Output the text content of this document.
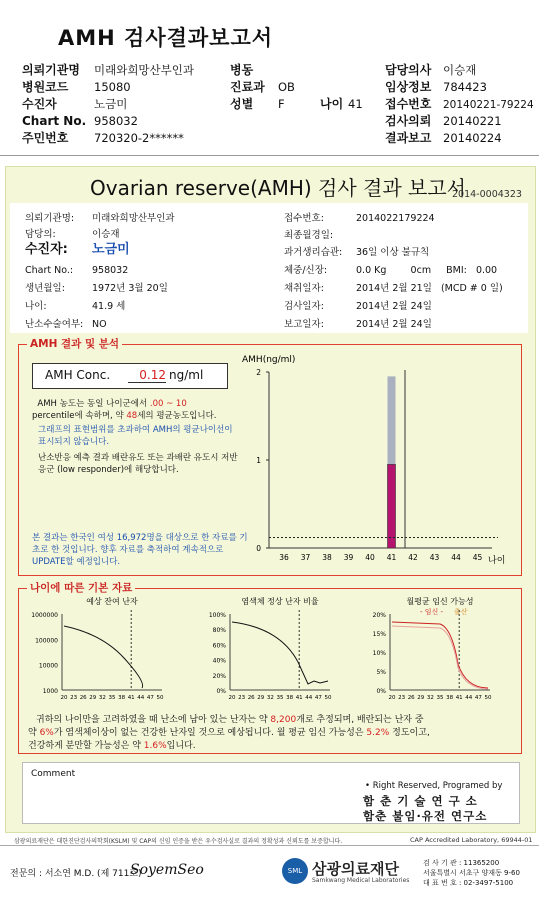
AMH 검사결과보고서
의뢰기관명 미래와희망산부인과
병원코드 15080
수진자	노금미
Chart No. 958032
주민번호 720320-2******
병동
진료과 OB
성별 F	나이 41
담당의사 이승재
임상정보 784423
접수번호 20140221-79224
검사의뢰 20140221
결과보고 20140224
Ovarian reserve(AMH) 검사 결과 보고서
2014-0004323
의뢰기관명: 미래와희망산부인과
담당의:	이승재
수진자: 노금미
Chart No.: 958032
생년월일:	1972년 3월 20일
나이:	41.9 세
난소수술여부: NO
접수번호:	2014022179224
최종월경일:
과거생리습관: 36일 이상 불규칙
체중/신장:	0.0 Kg        0cm     BMI:   0.00
채취일자:	2014년 2월 21일   (MCD # 0 일)
검사일자:	2014년 2월 24일
보고일자:	2014년 2월 24일
AMH 결과 및 분석
AMH Conc.	0.12 ng/ml
AMH 농도는 동일 나이군에서 .00 ~ 10
percentile에 속하며, 약 48세의 평균농도입니다.
그래프의 표현범위를 초과하여 AMH의 평균나이선이 표시되지 않습니다.
난소반응 예측 결과 배란유도 또는 과배란 유도시 저반응군 (low responder)에 해당합니다.
본 결과는 한국인 여성 16,972명을 대상으로 한 자료를 기초로 한 것입니다. 향후 자료를 축적하여 계속적으로 UPDATE할 예정입니다.
AMH(ng/ml)
0
1
2
36 37 38 39 40 41 42 43 44 45 나이
나이에 따른 기본 자료
예상 잔여 난자
1000000
100000
10000
1000
20 23 26 29 32 35 38 41 44 47 50
염색체 정상 난자 비율
100%
80%
60%
40%
20%
0%
20 23 26 29 32 35 38 41 44 47 50
월평균 임신 가능성
- 임신 - 출산
20%
15%
10%
5%
0%
20 23 26 29 32 35 38 41 44 47 50
귀하의 나이만을 고려하였을 때 난소에 남아 있는 난자는 약 8,200개로 추정되며, 배란되는 난자 중
약 6%가 염색체이상이 없는 건강한 난자일 것으로 예상됩니다. 월 평균 임신 가능성은 5.2% 정도이고,
건강하게 분만할 가능성은 약 1.6%입니다.
Comment
• Right Reserved, Programed by
함 춘 기 술 연 구 소
함춘 불임·유전 연구소
삼광의료재단은 대한진단검사의학회(KSLM) 및 CAP의 신임 인증을 받은 우수검사실로 결과의 정확성과 신뢰도를 보증합니다.	CAP Accredited Laboratory, 69944-01
전문의 : 서소연 M.D. (제 711호)
SoyemSeo	SML 삼광의료재단
Samkwang Medical Laboratories
검 사 기 관 : 11365200
서울특별시 서초구 양재동 9-60
대 표 번 호 : 02-3497-5100
